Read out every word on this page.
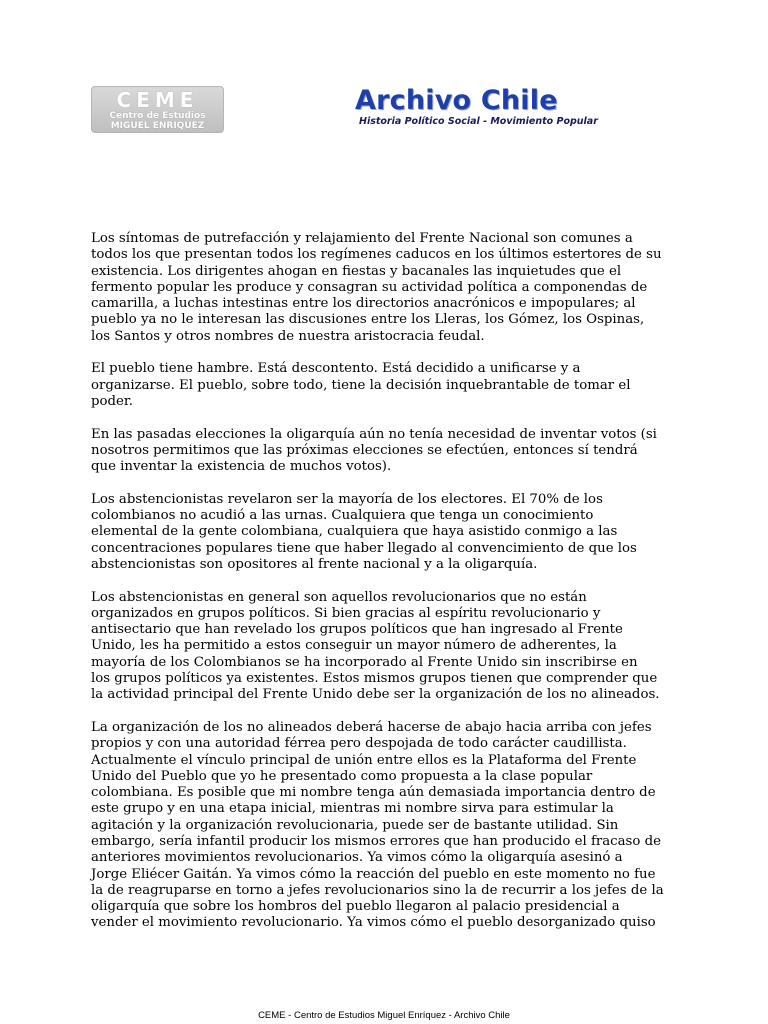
CEME
Centro de Estudios
MIGUEL ENRIQUEZ
Archivo Chile
Historia Político Social - Movimiento Popular

Los síntomas de putrefacción y relajamiento del Frente Nacional son comunes a
todos los que presentan todos los regímenes caducos en los últimos estertores de su
existencia. Los dirigentes ahogan en fiestas y bacanales las inquietudes que el
fermento popular les produce y consagran su actividad política a componendas de
camarilla, a luchas intestinas entre los directorios anacrónicos e impopulares; al
pueblo ya no le interesan las discusiones entre los Lleras, los Gómez, los Ospinas,
los Santos y otros nombres de nuestra aristocracia feudal.

El pueblo tiene hambre. Está descontento. Está decidido a unificarse y a
organizarse. El pueblo, sobre todo, tiene la decisión inquebrantable de tomar el
poder.

En las pasadas elecciones la oligarquía aún no tenía necesidad de inventar votos (si
nosotros permitimos que las próximas elecciones se efectúen, entonces sí tendrá
que inventar la existencia de muchos votos).

Los abstencionistas revelaron ser la mayoría de los electores. El 70% de los
colombianos no acudió a las urnas. Cualquiera que tenga un conocimiento
elemental de la gente colombiana, cualquiera que haya asistido conmigo a las
concentraciones populares tiene que haber llegado al convencimiento de que los
abstencionistas son opositores al frente nacional y a la oligarquía.

Los abstencionistas en general son aquellos revolucionarios que no están
organizados en grupos políticos. Si bien gracias al espíritu revolucionario y
antisectario que han revelado los grupos políticos que han ingresado al Frente
Unido, les ha permitido a estos conseguir un mayor número de adherentes, la
mayoría de los Colombianos se ha incorporado al Frente Unido sin inscribirse en
los grupos políticos ya existentes. Estos mismos grupos tienen que comprender que
la actividad principal del Frente Unido debe ser la organización de los no alineados.

La organización de los no alineados deberá hacerse de abajo hacia arriba con jefes
propios y con una autoridad férrea pero despojada de todo carácter caudillista.
Actualmente el vínculo principal de unión entre ellos es la Plataforma del Frente
Unido del Pueblo que yo he presentado como propuesta a la clase popular
colombiana. Es posible que mi nombre tenga aún demasiada importancia dentro de
este grupo y en una etapa inicial, mientras mi nombre sirva para estimular la
agitación y la organización revolucionaria, puede ser de bastante utilidad. Sin
embargo, sería infantil producir los mismos errores que han producido el fracaso de
anteriores movimientos revolucionarios. Ya vimos cómo la oligarquía asesinó a
Jorge Eliécer Gaitán. Ya vimos cómo la reacción del pueblo en este momento no fue
la de reagruparse en torno a jefes revolucionarios sino la de recurrir a los jefes de la
oligarquía que sobre los hombros del pueblo llegaron al palacio presidencial a
vender el movimiento revolucionario. Ya vimos cómo el pueblo desorganizado quiso

CEME - Centro de Estudios Miguel Enríquez - Archivo Chile
